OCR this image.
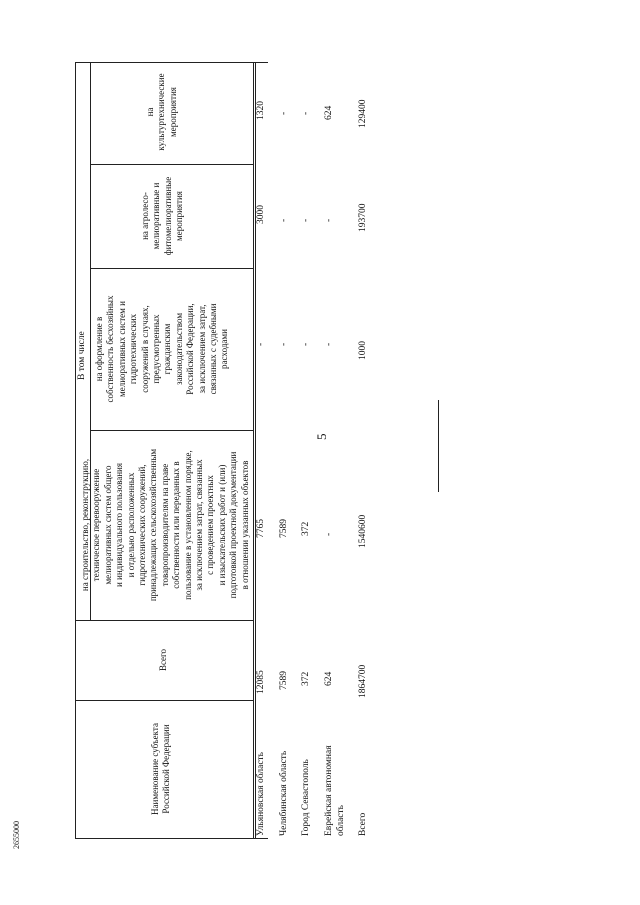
5
В том числе
Наименование субъекта Российской Федерации
Всего
на строительство, реконструкцию, техническое перевооружение мелиоративных систем общего и индивидуального пользования и отдельно расположенных гидротехнических сооружений, принадлежащих сельскохозяйственным товаропроизводителям на праве собственности или переданных в пользование в установленном порядке, за исключением затрат, связанных с проведением проектных и изыскательских работ и (или) подготовкой проектной документации в отношении указанных объектов
на оформление в собственность бесхозяйных мелиоративных систем и гидротехнических сооружений в случаях, предусмотренных гражданским законодательством Российской Федерации, за исключением затрат, связанных с судебными расходами
на агролесо- мелиоративные и фитомелиоративные мероприятия
на культуртехнические мероприятия
Ульяновская область
12085
7765
-
3000
1320
Челябинская область
7589
7589
-
-
-
Город Севастополь
372
372
-
-
-
Еврейская автономная область
624
-
-
-
624
Всего
1864700
1540600
1000
193700
129400
2655000
